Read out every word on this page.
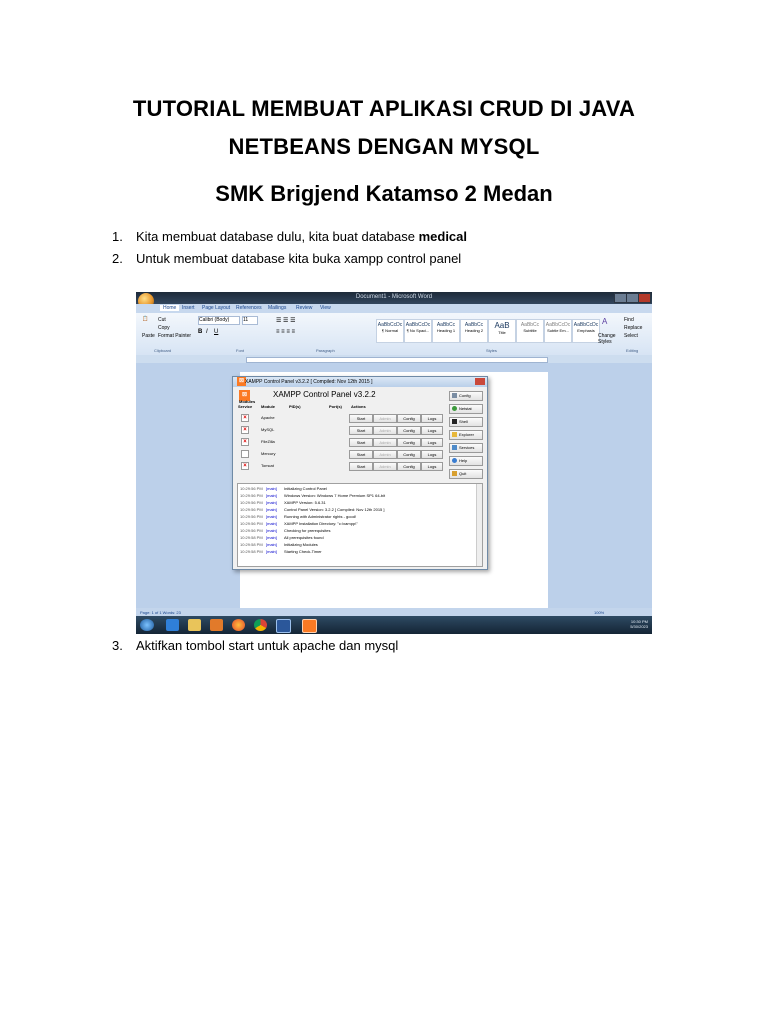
TUTORIAL MEMBUAT APLIKASI CRUD DI JAVA
NETBEANS DENGAN MYSQL
SMK Brigjend Katamso 2 Medan
1. Kita membuat database dulu, kita buat database medical
2. Untuk membuat database kita buka xampp control panel
Document1 - Microsoft Word
Home	Insert Page Layout References Mailings Review View
📋
Paste
Cut
Copy
Format Painter
Calibri (Body)	11
B I U
☰ ☰ ☰
≡ ≡ ≡ ≡
AaBbCcDc
¶ Normal
AaBbCcDc
¶ No Spaci...
AaBbCc
Heading 1
AaBbCc
Heading 2
AaB
Title
AaBbCc
Subtitle
AaBbCcDc
Subtle Em...
AaBbCcDc
Emphasis
A
Change Styles
Find
Replace
Select
Clipboard	Font	Paragraph	Styles	Editing
⊠ XAMPP Control Panel v3.2.2 [ Compiled: Nov 12th 2015 ]
⊠	XAMPP Control Panel v3.2.2
Modules
Service Module	PID(s)	Port(s) Actions
×	Apache	Start	Admin	Config	Logs
×	MySQL	Start	Admin	Config	Logs
×	FileZilla	Start	Admin	Config	Logs
Mercury	Start	Admin	Config	Logs
×	Tomcat	Start	Admin	Config	Logs
Config
Netstat
Shell
Explorer
Services
Help
Quit
10:29:56 PM [main] Initializing Control Panel
10:29:56 PM [main] Windows Version: Windows 7 Home Premium SP1 64-bit
10:29:56 PM [main] XAMPP Version: 5.6.31
10:29:56 PM [main] Control Panel Version: 3.2.2 [ Compiled: Nov 12th 2015 ]
10:29:56 PM [main] Running with Administrator rights - good!
10:29:56 PM [main] XAMPP Installation Directory: "c:\xampp\"
10:29:56 PM [main] Checking for prerequisites
10:29:58 PM [main] All prerequisites found
10:29:58 PM [main] Initializing Modules
10:29:58 PM [main] Starting Check-Timer
Page: 1 of 1 Words: 23	100%
10:30 PM
5/30/2023
3. Aktifkan tombol start untuk apache dan mysql
